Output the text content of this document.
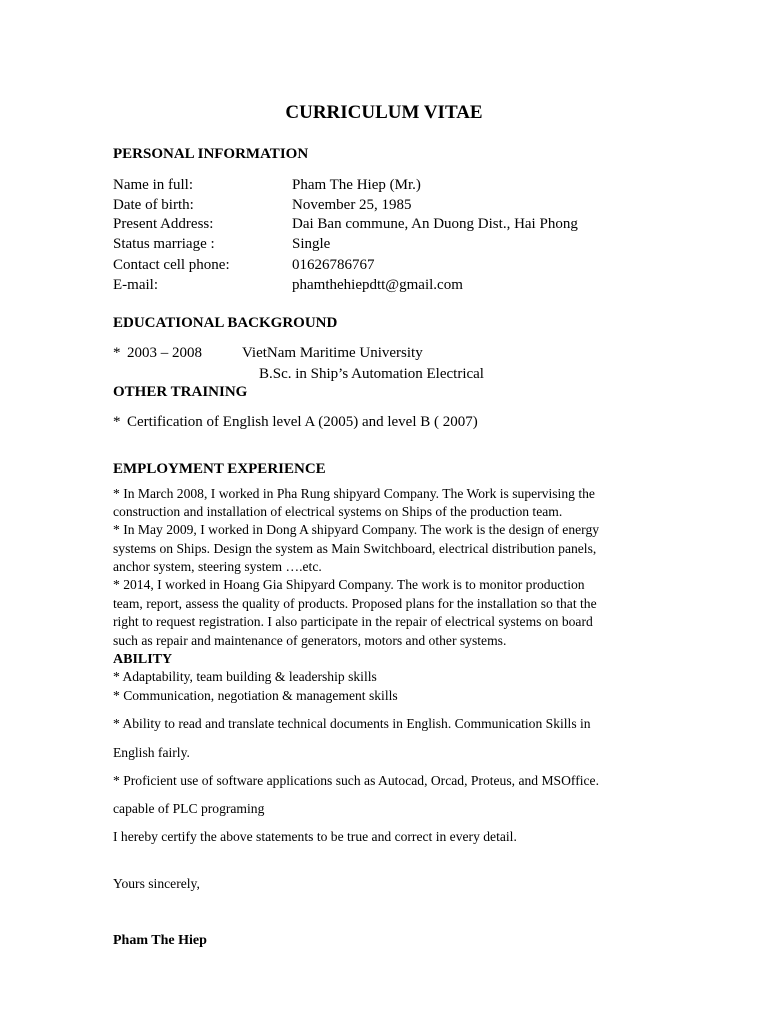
CURRICULUM VITAE
PERSONAL INFORMATION
Name in full:	Pham The Hiep (Mr.)
Date of birth:	November 25, 1985
Present Address:	Dai Ban commune, An Duong Dist., Hai Phong
Status marriage :	Single
Contact cell phone:	01626786767
E-mail:	phamthehiepdtt@gmail.com
EDUCATIONAL BACKGROUND
* 2003 – 2008	VietNam Maritime University
B.Sc. in Ship’s Automation Electrical
OTHER TRAINING
* Certification of English level A (2005) and level B ( 2007)
EMPLOYMENT EXPERIENCE
* In March 2008, I worked in Pha Rung shipyard Company. The Work is supervising the
construction and installation of electrical systems on Ships of the production team.
* In May 2009, I worked in Dong A shipyard Company. The work is the design of energy
systems on Ships. Design the system as Main Switchboard, electrical distribution panels,
anchor system, steering system ….etc.
* 2014, I worked in Hoang Gia Shipyard Company. The work is to monitor production
team, report, assess the quality of products. Proposed plans for the installation so that the
right to request registration. I also participate in the repair of electrical systems on board
such as repair and maintenance of generators, motors and other systems.
ABILITY
* Adaptability, team building & leadership skills
* Communication, negotiation & management skills
* Ability to read and translate technical documents in English. Communication Skills in
English fairly.
* Proficient use of software applications such as Autocad, Orcad, Proteus, and MSOffice.
capable of PLC programing
I hereby certify the above statements to be true and correct in every detail.
Yours sincerely,
Pham The Hiep
